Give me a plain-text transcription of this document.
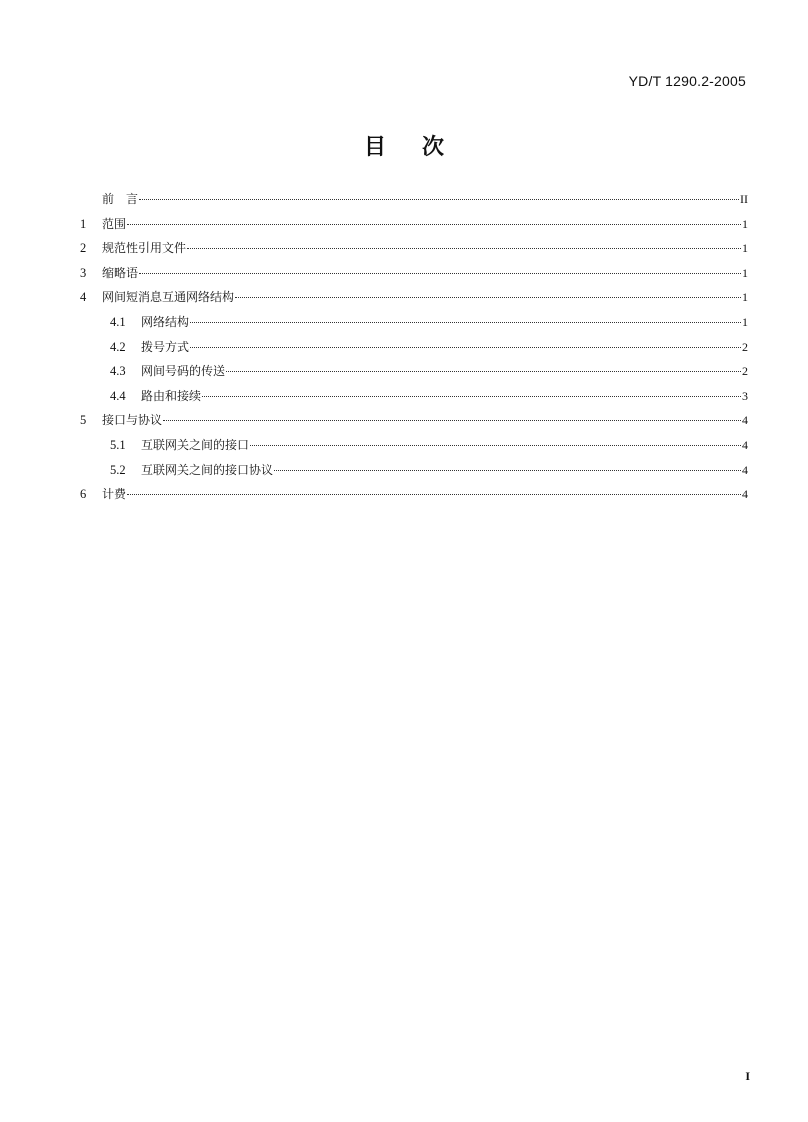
YD/T 1290.2-2005
目次
前　言	II
1	范围	1
2	规范性引用文件	1
3	缩略语	1
4	网间短消息互通网络结构	1
4.1	网络结构	1
4.2	拨号方式	2
4.3	网间号码的传送	2
4.4	路由和接续	3
5	接口与协议	4
5.1	互联网关之间的接口	4
5.2	互联网关之间的接口协议	4
6	计费	4
I
